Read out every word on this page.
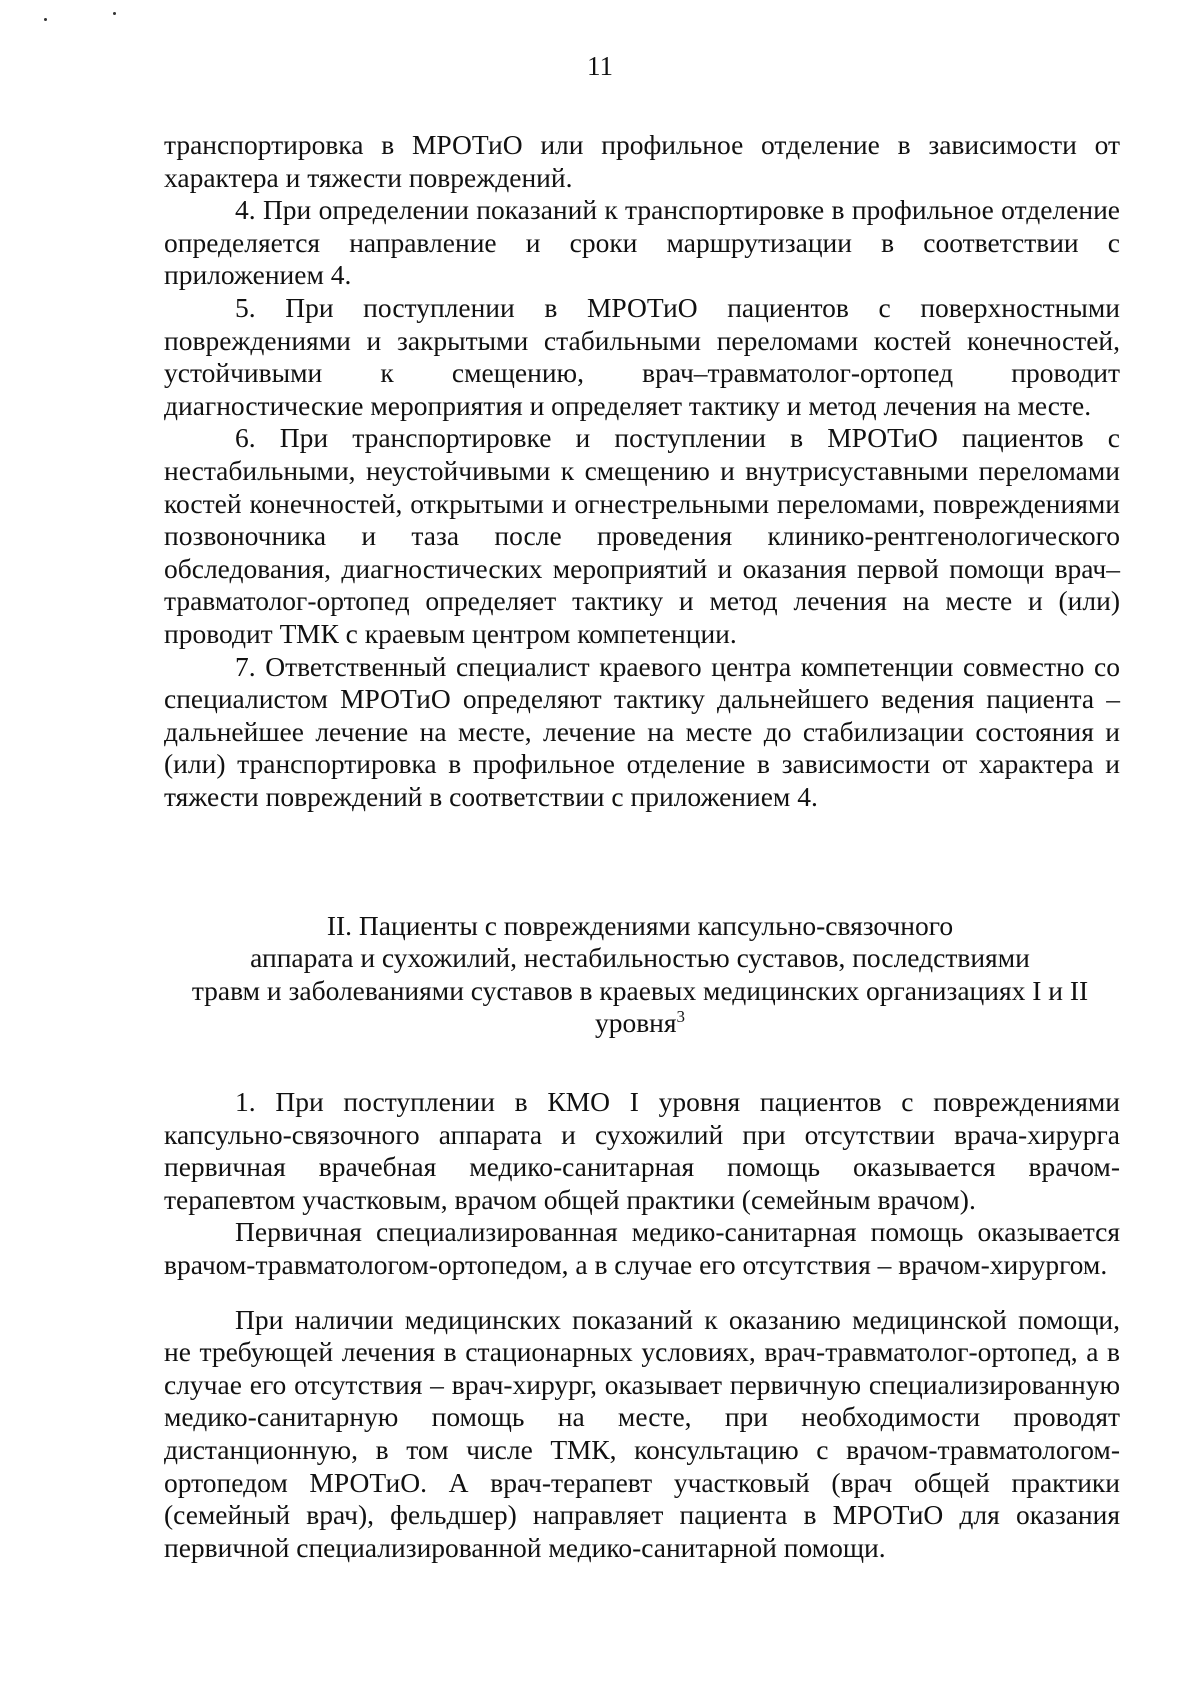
11

транспортировка в МРОТиО или профильное отделение в зависимости от характера и тяжести повреждений.

4. При определении показаний к транспортировке в профильное отделение определяется направление и сроки маршрутизации в соответствии с приложением 4.

5. При поступлении в МРОТиО пациентов с поверхностными повреждениями и закрытыми стабильными переломами костей конечностей, устойчивыми к смещению, врач–травматолог-ортопед проводит диагностические мероприятия и определяет тактику и метод лечения на месте.

6. При транспортировке и поступлении в МРОТиО пациентов с нестабильными, неустойчивыми к смещению и внутрисуставными переломами костей конечностей, открытыми и огнестрельными переломами, повреждениями позвоночника и таза после проведения клинико-рентгенологического обследования, диагностических мероприятий и оказания первой помощи врач–травматолог-ортопед определяет тактику и метод лечения на месте и (или) проводит ТМК с краевым центром компетенции.

7. Ответственный специалист краевого центра компетенции совместно со специалистом МРОТиО определяют тактику дальнейшего ведения пациента – дальнейшее лечение на месте, лечение на месте до стабилизации состояния и (или) транспортировка в профильное отделение в зависимости от характера и тяжести повреждений в соответствии с приложением 4.

II. Пациенты с повреждениями капсульно-связочного
аппарата и сухожилий, нестабильностью суставов, последствиями
травм и заболеваниями суставов в краевых медицинских организациях I и II
уровня$^3$

1. При поступлении в КМО I уровня пациентов с повреждениями капсульно-связочного аппарата и сухожилий при отсутствии врача-хирурга первичная врачебная медико-санитарная помощь оказывается врачом-терапевтом участковым, врачом общей практики (семейным врачом).

Первичная специализированная медико-санитарная помощь оказывается врачом-травматологом-ортопедом, а в случае его отсутствия – врачом-хирургом.

При наличии медицинских показаний к оказанию медицинской помощи, не требующей лечения в стационарных условиях, врач-травматолог-ортопед, а в случае его отсутствия – врач-хирург, оказывает первичную специализированную медико-санитарную помощь на месте, при необходимости проводят дистанционную, в том числе ТМК, консультацию с врачом-травматологом-ортопедом МРОТиО. А врач-терапевт участковый (врач общей практики (семейный врач), фельдшер) направляет пациента в МРОТиО для оказания первичной специализированной медико-санитарной помощи.
